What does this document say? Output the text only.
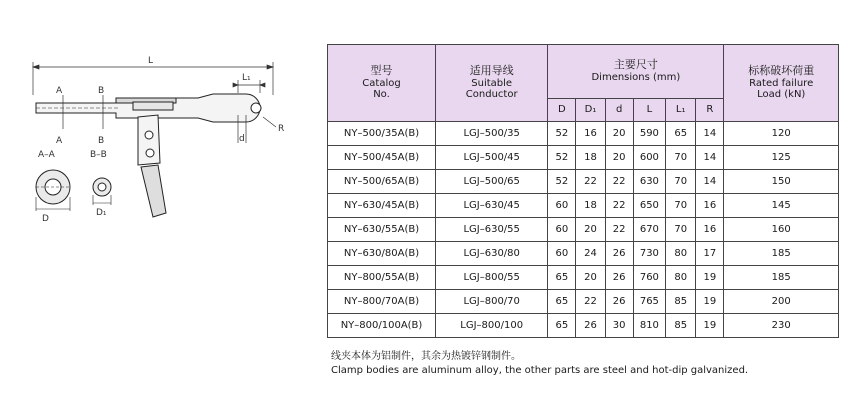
L
L₁
A	B
A	B	d
R
A–A
D
B–B
D₁
型号
Catalog
No.	适用导线
Suitable
Conductor	主要尺寸
Dimensions (mm)						标称破坏荷重
Rated failure
Load (kN)

		D	D₁	d	L	L₁	R	
NY–500/35A(B)	LGJ–500/35	52	16	20	590	65	14	120
NY–500/45A(B)	LGJ–500/45	52	18	20	600	70	14	125
NY–500/65A(B)	LGJ–500/65	52	22	22	630	70	14	150
NY–630/45A(B)	LGJ–630/45	60	18	22	650	70	16	145
NY–630/55A(B)	LGJ–630/55	60	20	22	670	70	16	160
NY–630/80A(B)	LGJ–630/80	60	24	26	730	80	17	185
NY–800/55A(B)	LGJ–800/55	65	20	26	760	80	19	185
NY–800/70A(B)	LGJ–800/70	65	22	26	765	85	19	200
NY–800/100A(B)	LGJ–800/100	65	26	30	810	85	19	230
线夹本体为铝制件，其余为热镀锌钢制件。
Clamp bodies are aluminum alloy, the other parts are steel and hot-dip galvanized.
